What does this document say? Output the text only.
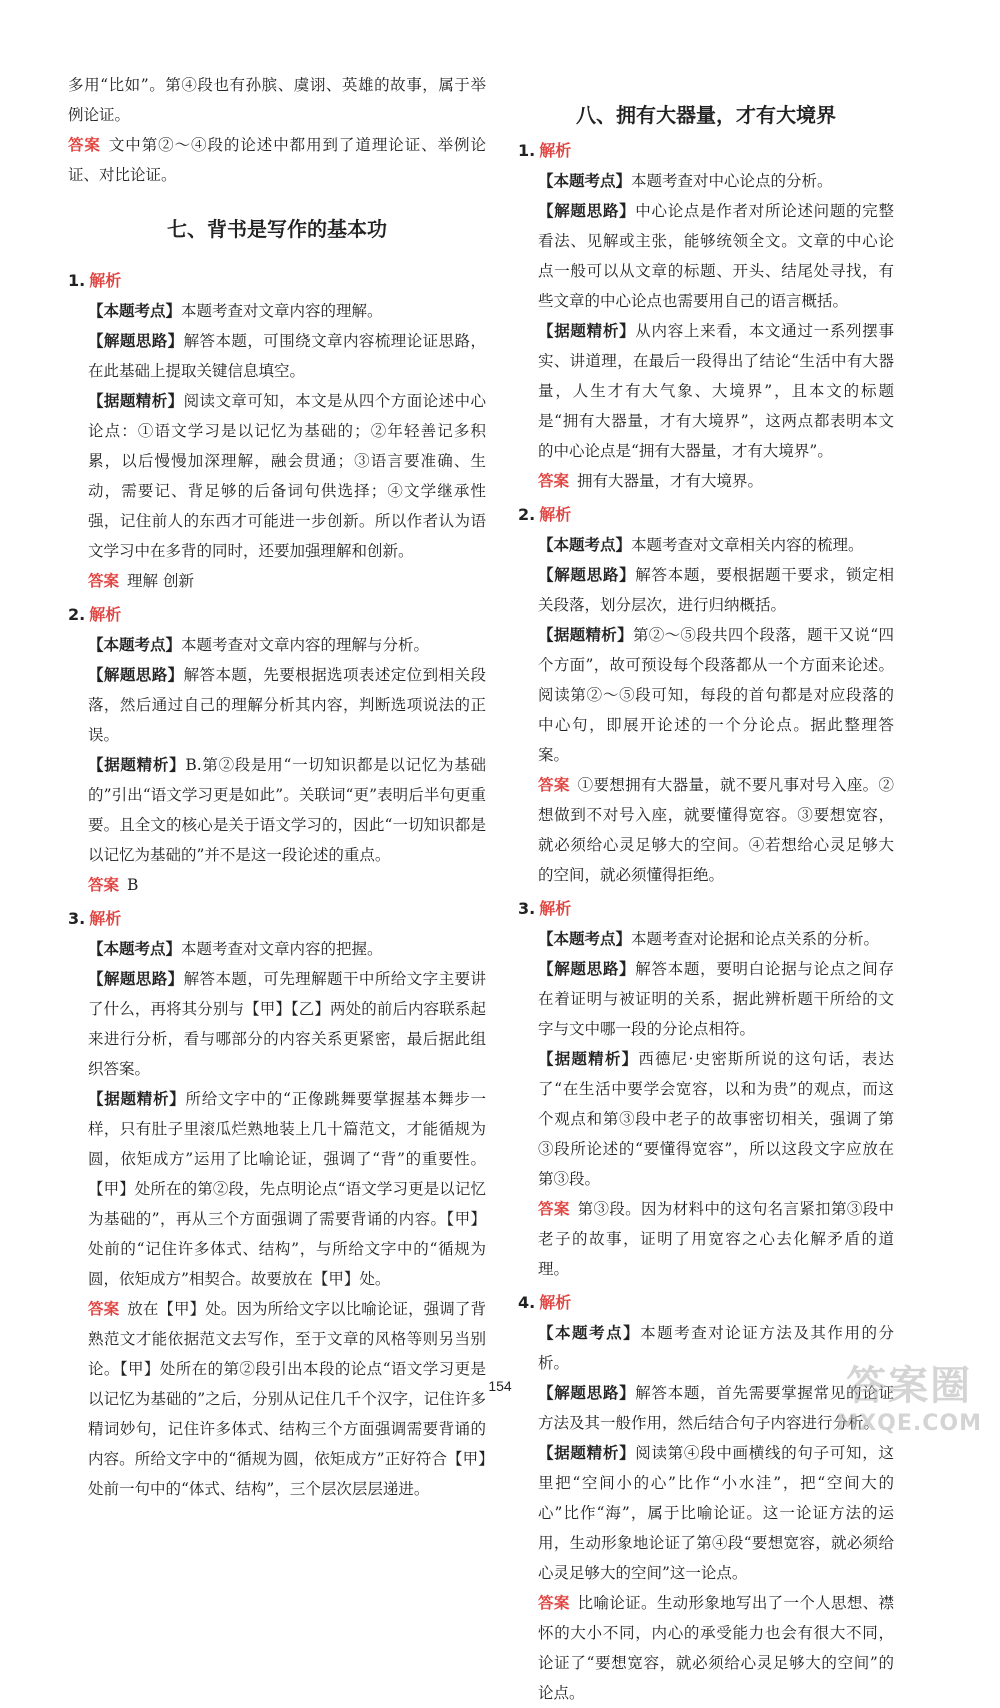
多用“比如”。第④段也有孙膑、虞诩、英雄的故事，属于举例论证。

答案 文中第②～④段的论述中都用到了道理论证、举例论证、对比论证。

七、背书是写作的基本功
1. 解析

【本题考点】本题考查对文章内容的理解。

【解题思路】解答本题，可围绕文章内容梳理论证思路，在此基础上提取关键信息填空。

【据题精析】阅读文章可知，本文是从四个方面论述中心论点：①语文学习是以记忆为基础的；②年轻善记多积累，以后慢慢加深理解，融会贯通；③语言要准确、生动，需要记、背足够的后备词句供选择；④文学继承性强，记住前人的东西才可能进一步创新。所以作者认为语文学习中在多背的同时，还要加强理解和创新。

答案 理解 创新

2. 解析

【本题考点】本题考查对文章内容的理解与分析。

【解题思路】解答本题，先要根据选项表述定位到相关段落，然后通过自己的理解分析其内容，判断选项说法的正误。

【据题精析】B.第②段是用“一切知识都是以记忆为基础的”引出“语文学习更是如此”。关联词“更”表明后半句更重要。且全文的核心是关于语文学习的，因此“一切知识都是以记忆为基础的”并不是这一段论述的重点。

答案 B

3. 解析

【本题考点】本题考查对文章内容的把握。

【解题思路】解答本题，可先理解题干中所给文字主要讲了什么，再将其分别与【甲】【乙】两处的前后内容联系起来进行分析，看与哪部分的内容关系更紧密，最后据此组织答案。

【据题精析】所给文字中的“正像跳舞要掌握基本舞步一样，只有肚子里滚瓜烂熟地装上几十篇范文，才能循规为圆，依矩成方”运用了比喻论证，强调了“背”的重要性。【甲】处所在的第②段，先点明论点“语文学习更是以记忆为基础的”，再从三个方面强调了需要背诵的内容。【甲】处前的“记住许多体式、结构”，与所给文字中的“循规为圆，依矩成方”相契合。故要放在【甲】处。

答案 放在【甲】处。因为所给文字以比喻论证，强调了背熟范文才能依据范文去写作，至于文章的风格等则另当别论。【甲】处所在的第②段引出本段的论点“语文学习更是以记忆为基础的”之后，分别从记住几千个汉字，记住许多精词妙句，记住许多体式、结构三个方面强调需要背诵的内容。所给文字中的“循规为圆，依矩成方”正好符合【甲】处前一句中的“体式、结构”，三个层次层层递进。

八、拥有大器量，才有大境界
1. 解析

【本题考点】本题考查对中心论点的分析。

【解题思路】中心论点是作者对所论述问题的完整看法、见解或主张，能够统领全文。文章的中心论点一般可以从文章的标题、开头、结尾处寻找，有些文章的中心论点也需要用自己的语言概括。

【据题精析】从内容上来看，本文通过一系列摆事实、讲道理，在最后一段得出了结论“生活中有大器量，人生才有大气象、大境界”，且本文的标题是“拥有大器量，才有大境界”，这两点都表明本文的中心论点是“拥有大器量，才有大境界”。

答案 拥有大器量，才有大境界。

2. 解析

【本题考点】本题考查对文章相关内容的梳理。

【解题思路】解答本题，要根据题干要求，锁定相关段落，划分层次，进行归纳概括。

【据题精析】第②～⑤段共四个段落，题干又说“四个方面”，故可预设每个段落都从一个方面来论述。阅读第②～⑤段可知，每段的首句都是对应段落的中心句，即展开论述的一个分论点。据此整理答案。

答案 ①要想拥有大器量，就不要凡事对号入座。②想做到不对号入座，就要懂得宽容。③要想宽容，就必须给心灵足够大的空间。④若想给心灵足够大的空间，就必须懂得拒绝。

3. 解析

【本题考点】本题考查对论据和论点关系的分析。

【解题思路】解答本题，要明白论据与论点之间存在着证明与被证明的关系，据此辨析题干所给的文字与文中哪一段的分论点相符。

【据题精析】西德尼·史密斯所说的这句话，表达了“在生活中要学会宽容，以和为贵”的观点，而这个观点和第③段中老子的故事密切相关，强调了第③段所论述的“要懂得宽容”，所以这段文字应放在第③段。

答案 第③段。因为材料中的这句名言紧扣第③段中老子的故事，证明了用宽容之心去化解矛盾的道理。

4. 解析

【本题考点】本题考查对论证方法及其作用的分析。

【解题思路】解答本题，首先需要掌握常见的论证方法及其一般作用，然后结合句子内容进行分析。

【据题精析】阅读第④段中画横线的句子可知，这里把“空间小的心”比作“小水洼”，把“空间大的心”比作“海”，属于比喻论证。这一论证方法的运用，生动形象地论证了第④段“要想宽容，就必须给心灵足够大的空间”这一论点。

答案 比喻论证。生动形象地写出了一个人思想、襟怀的大小不同，内心的承受能力也会有很大不同，论证了“要想宽容，就必须给心灵足够大的空间”的论点。

154	答案圈
MXQE.COM
